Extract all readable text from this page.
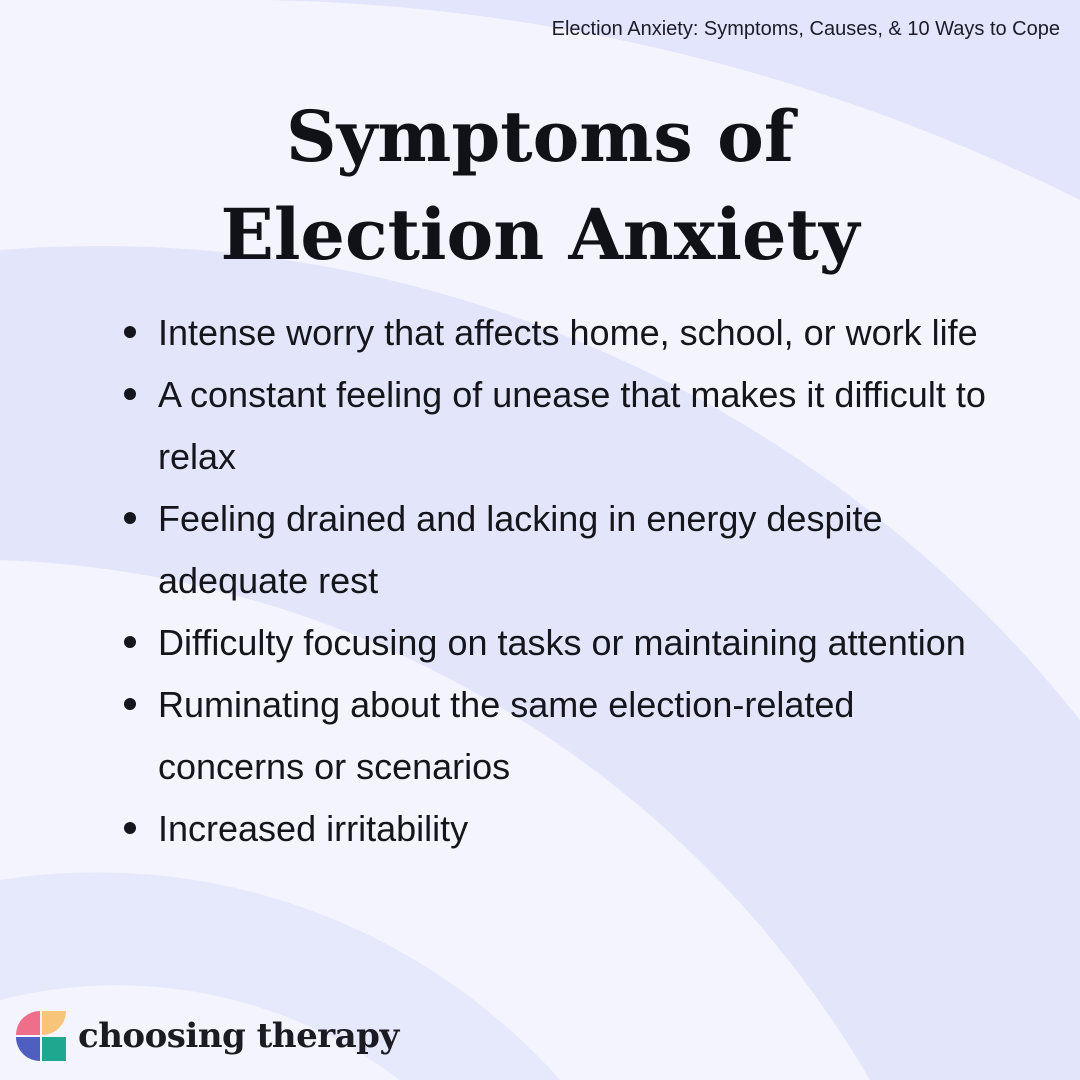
Election Anxiety: Symptoms, Causes, & 10 Ways to Cope
Symptoms of
Election Anxiety
Intense worry that affects home, school, or work life
A constant feeling of unease that makes it difficult to relax
Feeling drained and lacking in energy despite adequate rest
Difficulty focusing on tasks or maintaining attention
Ruminating about the same election-related concerns or scenarios
Increased irritability
choosing therapy
